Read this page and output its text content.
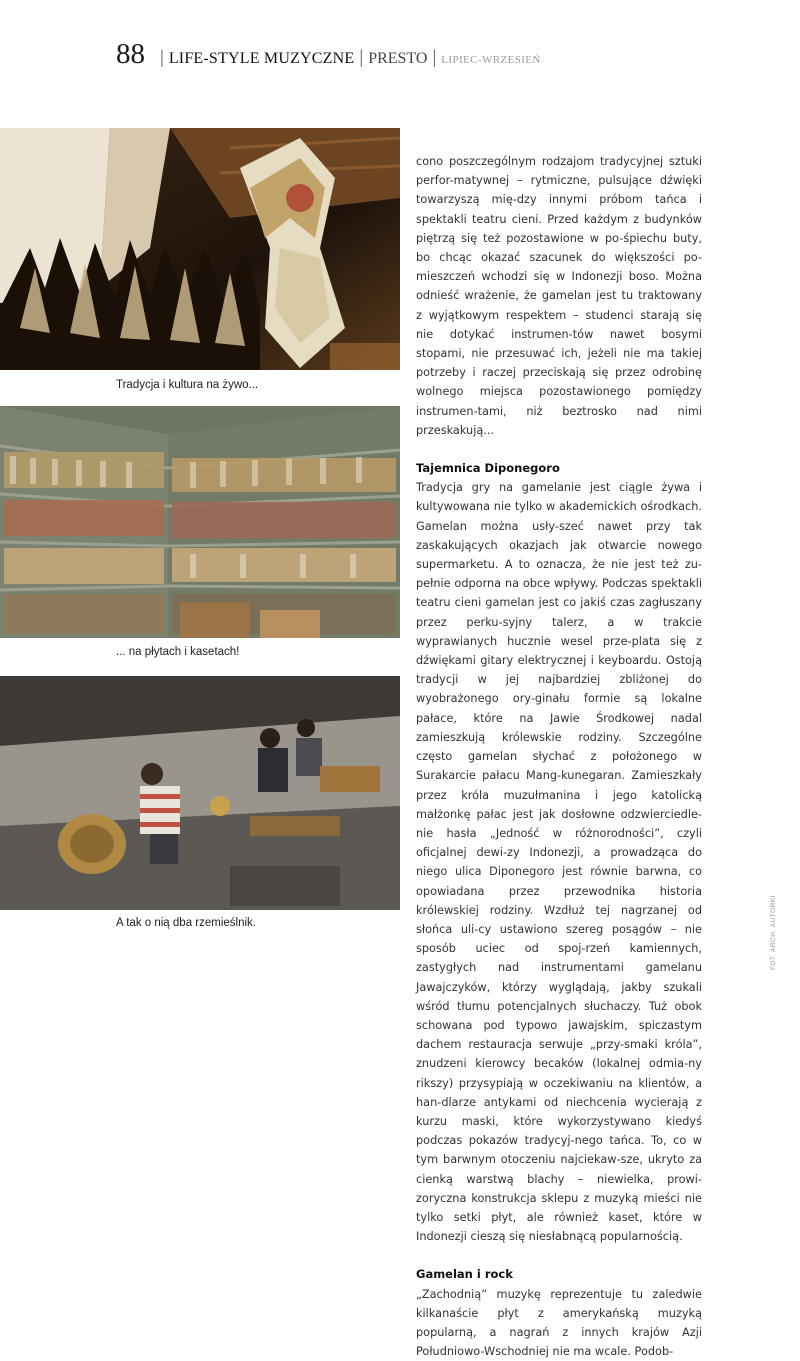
88 | LIFE-STYLE MUZYCZNE | PRESTO | LIPIEC-WRZESIEŃ
Tradycja i kultura na żywo...
... na płytach i kasetach!
A tak o nią dba rzemieślnik.

cono poszczególnym rodzajom tradycyjnej sztuki perfor-matywnej – rytmiczne, pulsujące dźwięki towarzyszą mię-dzy innymi próbom tańca i spektakli teatru cieni. Przed każdym z budynków piętrzą się też pozostawione w po-śpiechu buty, bo chcąc okazać szacunek do większości po-mieszczeń wchodzi się w Indonezji boso. Można odnieść wrażenie, że gamelan jest tu traktowany z wyjątkowym respektem – studenci starają się nie dotykać instrumen-tów nawet bosymi stopami, nie przesuwać ich, jeżeli nie ma takiej potrzeby i raczej przeciskają się przez odrobinę wolnego miejsca pozostawionego pomiędzy instrumen-tami, niż beztrosko nad nimi przeskakują...

Tajemnica Diponegoro

Tradycja gry na gamelanie jest ciągle żywa i kultywowana nie tylko w akademickich ośrodkach. Gamelan można usły-szeć nawet przy tak zaskakujących okazjach jak otwarcie nowego supermarketu. A to oznacza, że nie jest też zu-pełnie odporna na obce wpływy. Podczas spektakli teatru cieni gamelan jest co jakiś czas zagłuszany przez perku-syjny talerz, a w trakcie wyprawianych hucznie wesel prze-plata się z dźwiękami gitary elektrycznej i keyboardu. Ostoją tradycji w jej najbardziej zbliżonej do wyobrażonego ory-ginału formie są lokalne pałace, które na Jawie Środkowej nadal zamieszkują królewskie rodziny. Szczególne często gamelan słychać z położonego w Surakarcie pałacu Mang-kunegaran. Zamieszkały przez króla muzułmanina i jego katolicką małżonkę pałac jest jak dosłowne odzwierciedle-nie hasła „Jedność w różnorodności”, czyli oficjalnej dewi-zy Indonezji, a prowadząca do niego ulica Diponegoro jest równie barwna, co opowiadana przez przewodnika historia królewskiej rodziny. Wzdłuż tej nagrzanej od słońca uli-cy ustawiono szereg posągów – nie sposób uciec od spoj-rzeń kamiennych, zastygłych nad instrumentami gamelanu Jawajczyków, którzy wyglądają, jakby szukali wśród tłumu potencjalnych słuchaczy. Tuż obok schowana pod typowo jawajskim, spiczastym dachem restauracja serwuje „przy-smaki króla”, znudzeni kierowcy becaków (lokalnej odmia-ny rikszy) przysypiają w oczekiwaniu na klientów, a han-dlarze antykami od niechcenia wycierają z kurzu maski, które wykorzystywano kiedyś podczas pokazów tradycyj-nego tańca. To, co w tym barwnym otoczeniu najciekaw-sze, ukryto za cienką warstwą blachy – niewielka, prowi-zoryczna konstrukcja sklepu z muzyką mieści nie tylko setki płyt, ale również kaset, które w Indonezji cieszą się niesłabnącą popularnością.

Gamelan i rock

„Zachodnią” muzykę reprezentuje tu zaledwie kilkanaście płyt z amerykańską muzyką popularną, a nagrań z innych krajów Azji Południowo-Wschodniej nie ma wcale. Podob-

FOT. ARCH. AUTORKI
